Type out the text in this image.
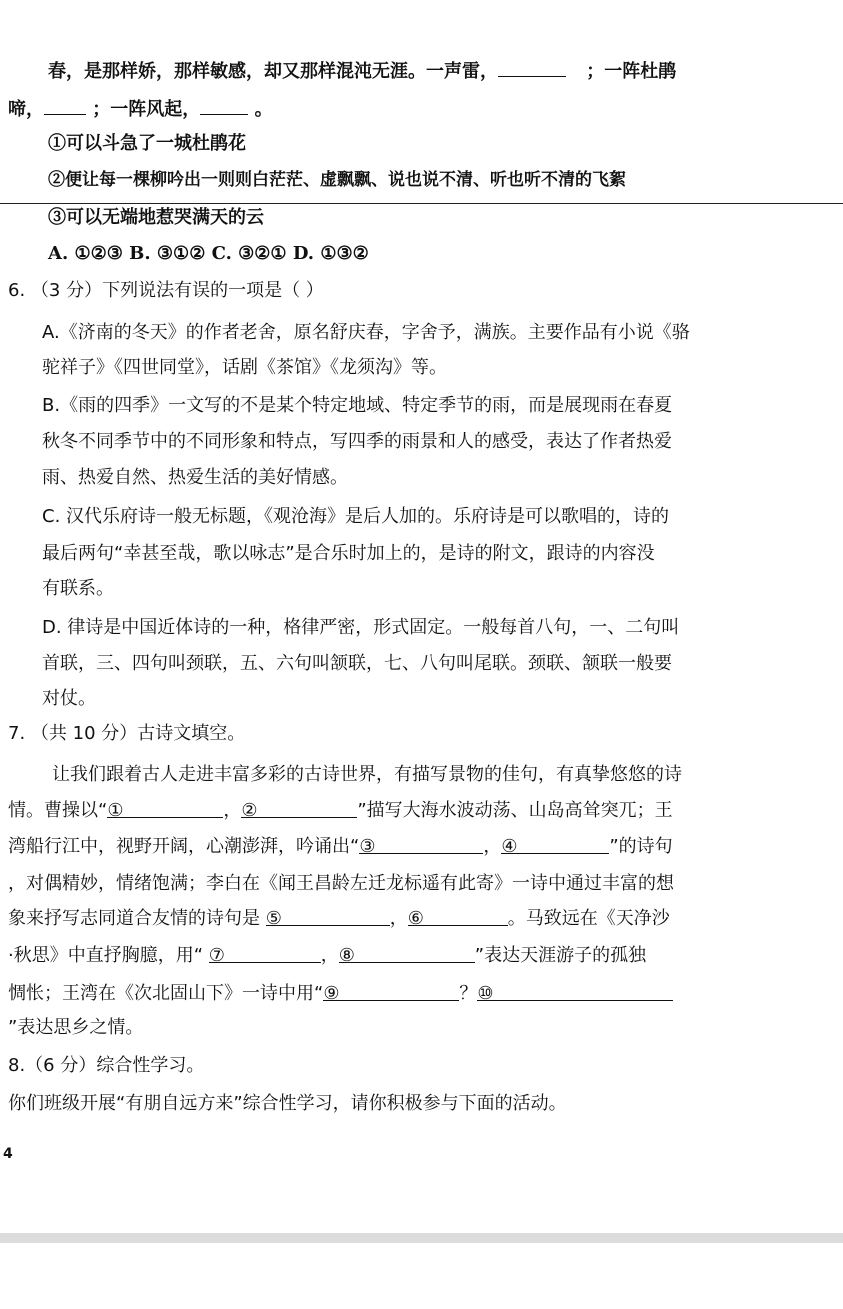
春，是那样娇，那样敏感，却又那样混沌无涯。一声雷，	；一阵杜鹃
啼，	；一阵风起，	。
①可以斗急了一城杜鹃花
②便让每一棵柳吟出一则则白茫茫、虚飘飘、说也说不清、听也听不清的飞絮
③可以无端地惹哭满天的云
A. ①②③ B. ③①② C. ③②① D. ①③②
6. （3 分）下列说法有误的一项是（ ）
A.《济南的冬天》的作者老舍，原名舒庆春，字舍予，满族。主要作品有小说《骆
驼祥子》《四世同堂》，话剧《茶馆》《龙须沟》等。
B.《雨的四季》一文写的不是某个特定地域、特定季节的雨，而是展现雨在春夏
秋冬不同季节中的不同形象和特点，写四季的雨景和人的感受，表达了作者热爱
雨、热爱自然、热爱生活的美好情感。
C. 汉代乐府诗一般无标题，《观沧海》是后人加的。乐府诗是可以歌唱的，诗的
最后两句“幸甚至哉，歌以咏志”是合乐时加上的，是诗的附文，跟诗的内容没
有联系。
D. 律诗是中国近体诗的一种，格律严密，形式固定。一般每首八句，一、二句叫
首联，三、四句叫颈联，五、六句叫颔联，七、八句叫尾联。颈联、颔联一般要
对仗。
7. （共 10 分）古诗文填空。
让我们跟着古人走进丰富多彩的古诗世界，有描写景物的佳句，有真挚悠悠的诗
情。曹操以“①	，②	”描写大海水波动荡、山岛高耸突兀；王
湾船行江中，视野开阔，心潮澎湃，吟诵出“③	，④	”的诗句
，对偶精妙，情绪饱满；李白在《闻王昌龄左迁龙标遥有此寄》一诗中通过丰富的想
象来抒写志同道合友情的诗句是 ⑤	，⑥	。马致远在《天净沙
·秋思》中直抒胸臆，用“ ⑦	，⑧	”表达天涯游子的孤独
惆怅；王湾在《次北固山下》一诗中用“⑨	？⑩
”表达思乡之情。
8.（6 分）综合性学习。
你们班级开展“有朋自远方来”综合性学习，请你积极参与下面的活动。
4
